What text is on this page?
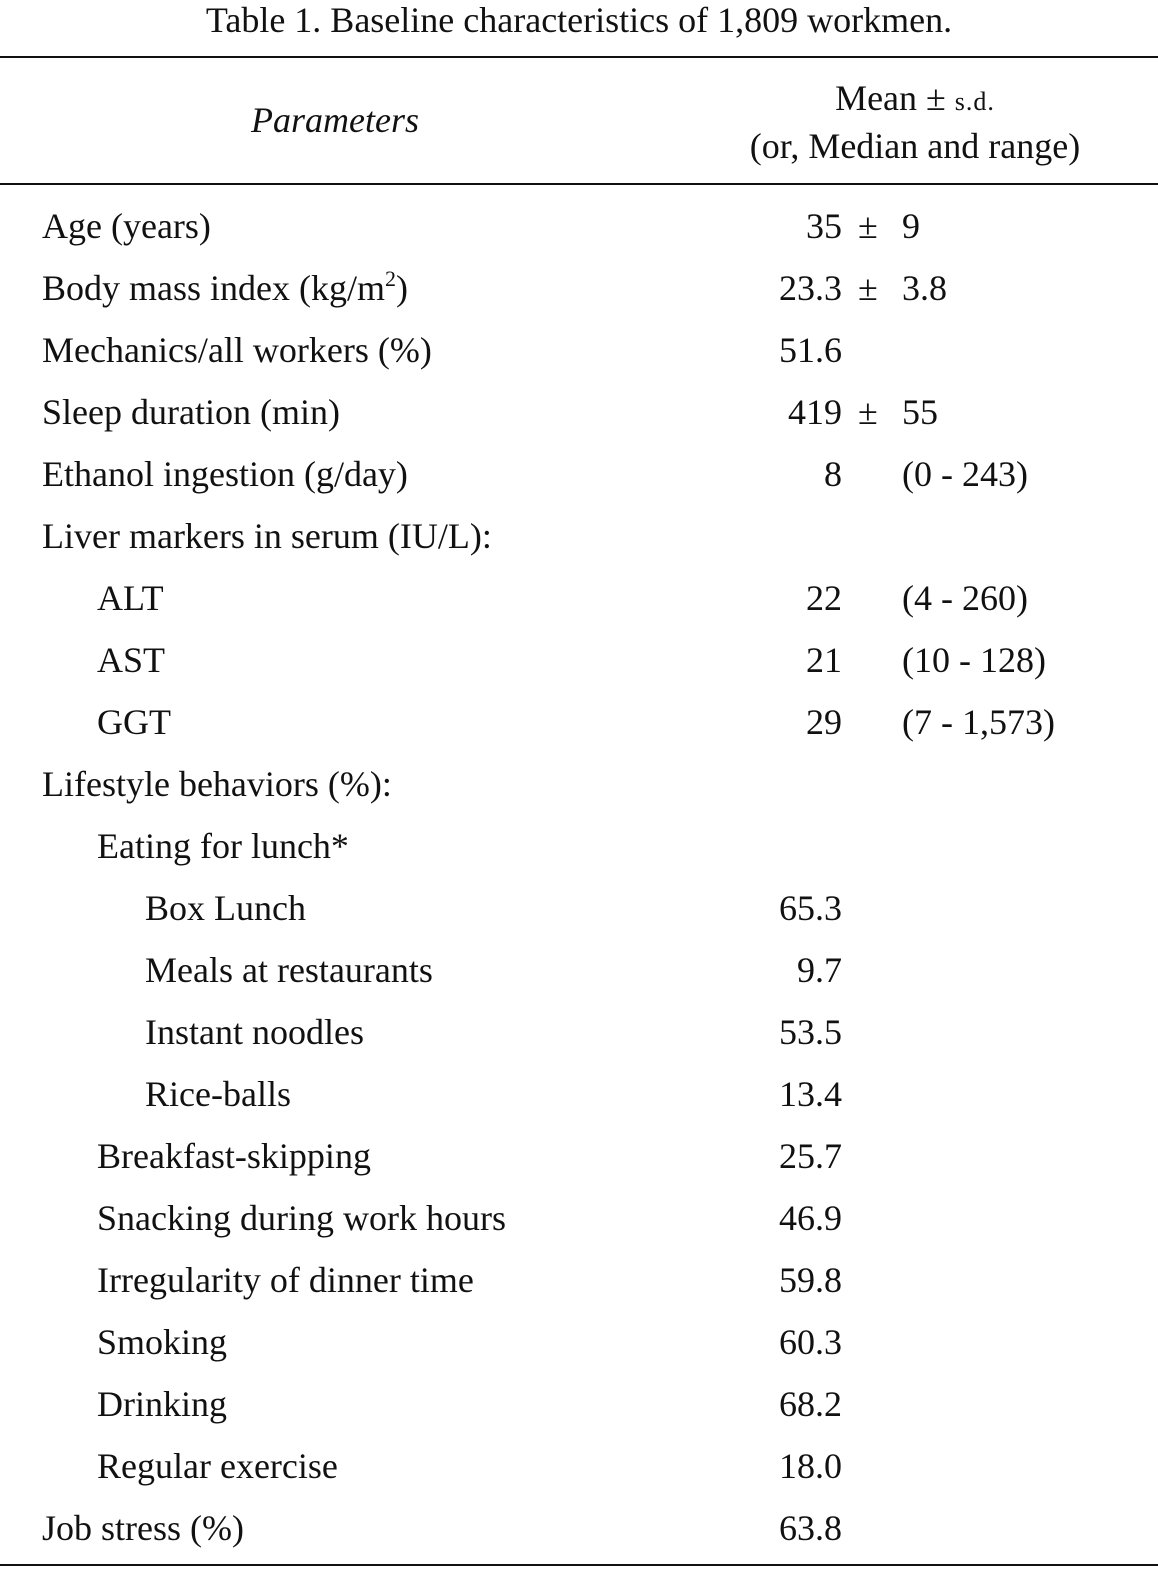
Table 1. Baseline characteristics of 1,809 workmen.
Parameters
Mean ± s.d.
(or, Median and range)
Age (years)	35 ± 9
Body mass index $(kg/m^2)$	23.3 ± 3.8
Mechanics/all workers (%)	51.6
Sleep duration (min)	419 ± 55
Ethanol ingestion (g/day)	8 (0 - 243)
Liver markers in serum (IU/L):
ALT	22 (4 - 260)
AST	21 (10 - 128)
GGT	29 (7 - 1,573)
Lifestyle behaviors (%):
Eating for lunch*
Box Lunch	65.3
Meals at restaurants	9.7
Instant noodles	53.5
Rice-balls	13.4
Breakfast-skipping	25.7
Snacking during work hours	46.9
Irregularity of dinner time	59.8
Smoking	60.3
Drinking	68.2
Regular exercise	18.0
Job stress (%)	63.8
